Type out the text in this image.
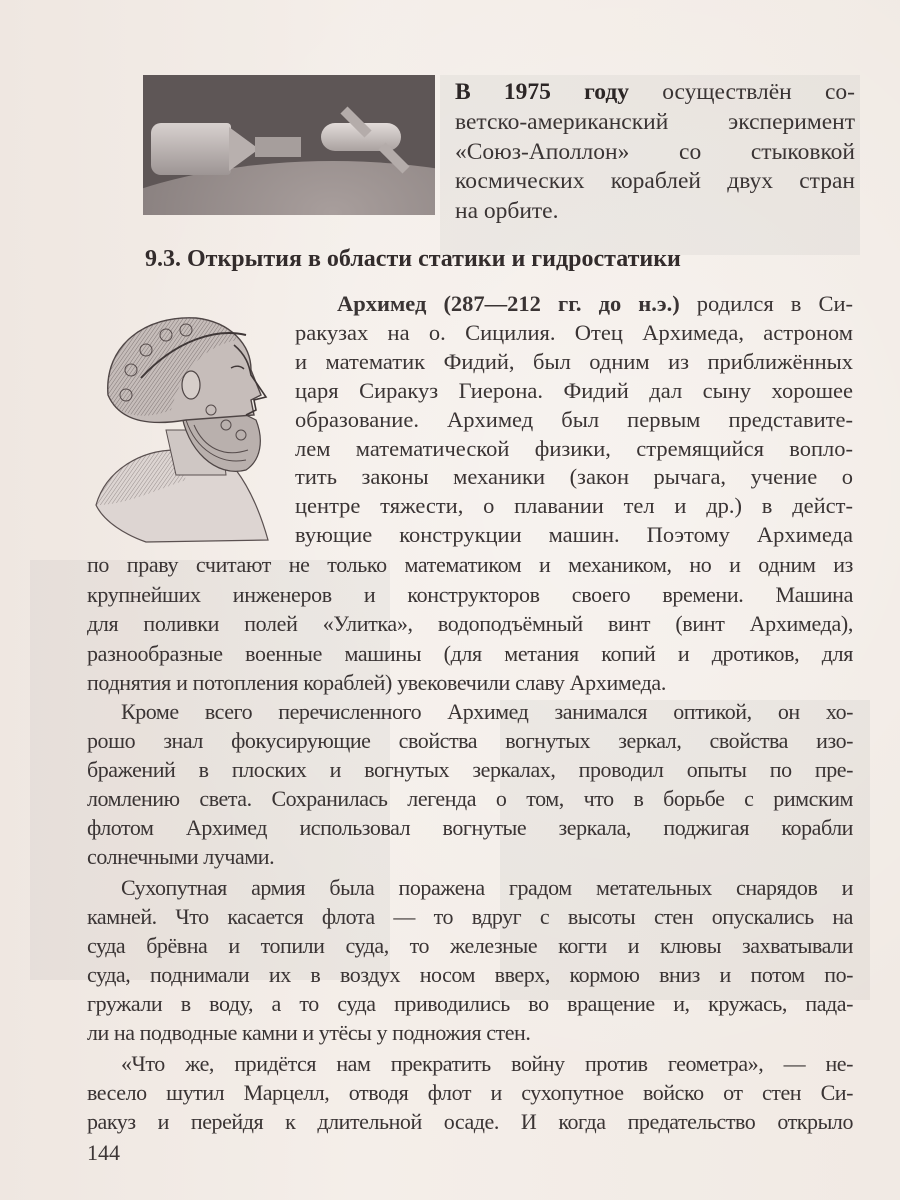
В 1975 году осуществлён со-
ветско-американский эксперимент
«Союз-Аполлон» со стыковкой
космических кораблей двух стран
на орбите.
9.3. Открытия в области статики и гидростатики
Архимед (287—212 гг. до н.э.) родился в Си-
ракузах на о. Сицилия. Отец Архимеда, астроном
и математик Фидий, был одним из приближённых
царя Сиракуз Гиерона. Фидий дал сыну хорошее
образование. Архимед был первым представите-
лем математической физики, стремящийся вопло-
тить законы механики (закон рычага, учение о
центре тяжести, о плавании тел и др.) в дейст-
вующие конструкции машин. Поэтому Архимеда
по праву считают не только математиком и механиком, но и одним из
крупнейших инженеров и конструкторов своего времени. Машина
для поливки полей «Улитка», водоподъёмный винт (винт Архимеда),
разнообразные военные машины (для метания копий и дротиков, для
поднятия и потопления кораблей) увековечили славу Архимеда.
Кроме всего перечисленного Архимед занимался оптикой, он хо-
рошо знал фокусирующие свойства вогнутых зеркал, свойства изо-
бражений в плоских и вогнутых зеркалах, проводил опыты по пре-
ломлению света. Сохранилась легенда о том, что в борьбе с римским
флотом Архимед использовал вогнутые зеркала, поджигая корабли
солнечными лучами.
Сухопутная армия была поражена градом метательных снарядов и
камней. Что касается флота — то вдруг с высоты стен опускались на
суда брёвна и топили суда, то железные когти и клювы захватывали
суда, поднимали их в воздух носом вверх, кормою вниз и потом по-
гружали в воду, а то суда приводились во вращение и, кружась, пада-
ли на подводные камни и утёсы у подножия стен.
«Что же, придётся нам прекратить войну против геометра», — не-
весело шутил Марцелл, отводя флот и сухопутное войско от стен Си-
ракуз и перейдя к длительной осаде. И когда предательство открыло
144
